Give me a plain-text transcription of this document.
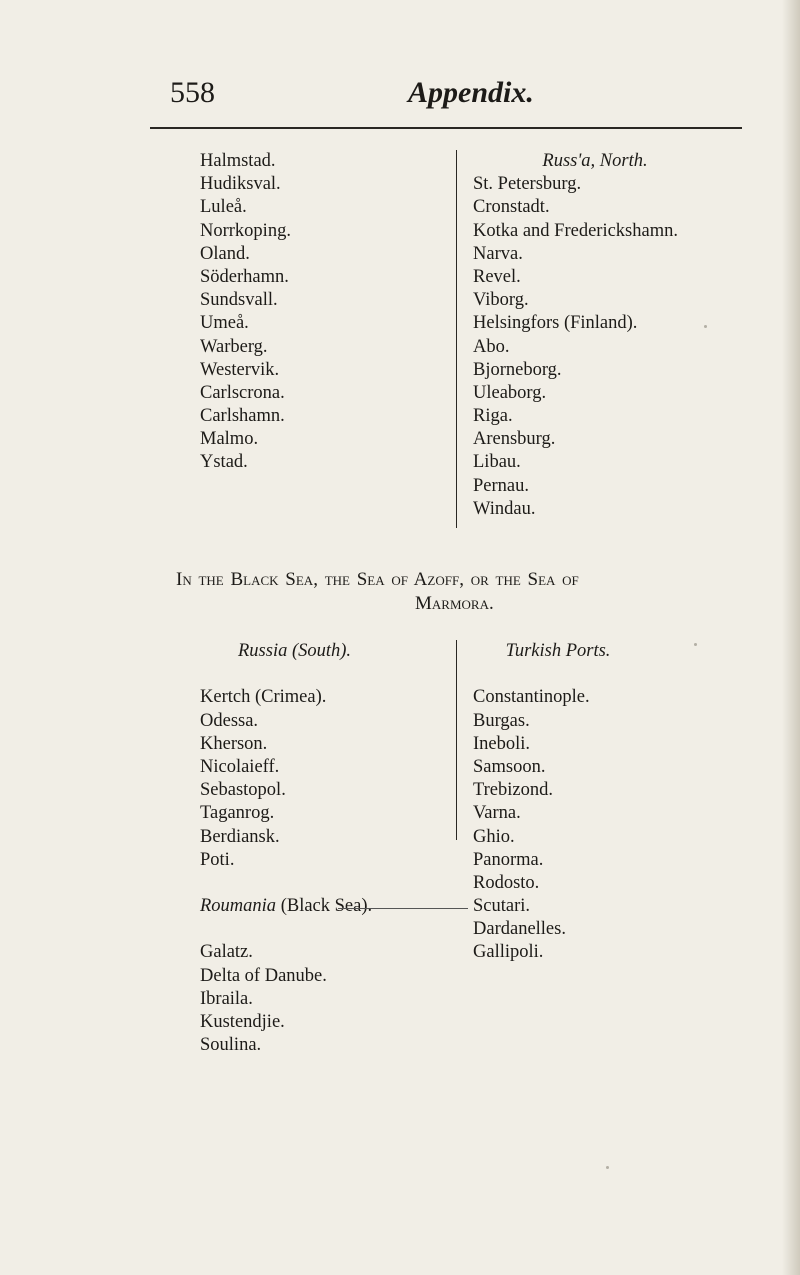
558	Appendix.
Halmstad.
Hudiksval.
Luleå.
Norrkoping.
Oland.
Söderhamn.
Sundsvall.
Umeå.
Warberg.
Westervik.
Carlscrona.
Carlshamn.
Malmo.
Ystad.
Russ'a, North.
St. Petersburg.
Cronstadt.
Kotka and Frederickshamn.
Narva.
Revel.
Viborg.
Helsingfors (Finland).
Abo.
Bjorneborg.
Uleaborg.
Riga.
Arensburg.
Libau.
Pernau.
Windau.
In the Black Sea, the Sea of Azoff, or the Sea of
Marmora.
Russia (South).
Kertch (Crimea).
Odessa.
Kherson.
Nicolaieff.
Sebastopol.
Taganrog.
Berdiansk.
Poti.
Roumania (Black Sea).
Galatz.
Delta of Danube.
Ibraila.
Kustendjie.
Soulina.
Turkish Ports.
Constantinople.
Burgas.
Ineboli.
Samsoon.
Trebizond.
Varna.
Ghio.
Panorma.
Rodosto.
Scutari.
Dardanelles.
Gallipoli.
